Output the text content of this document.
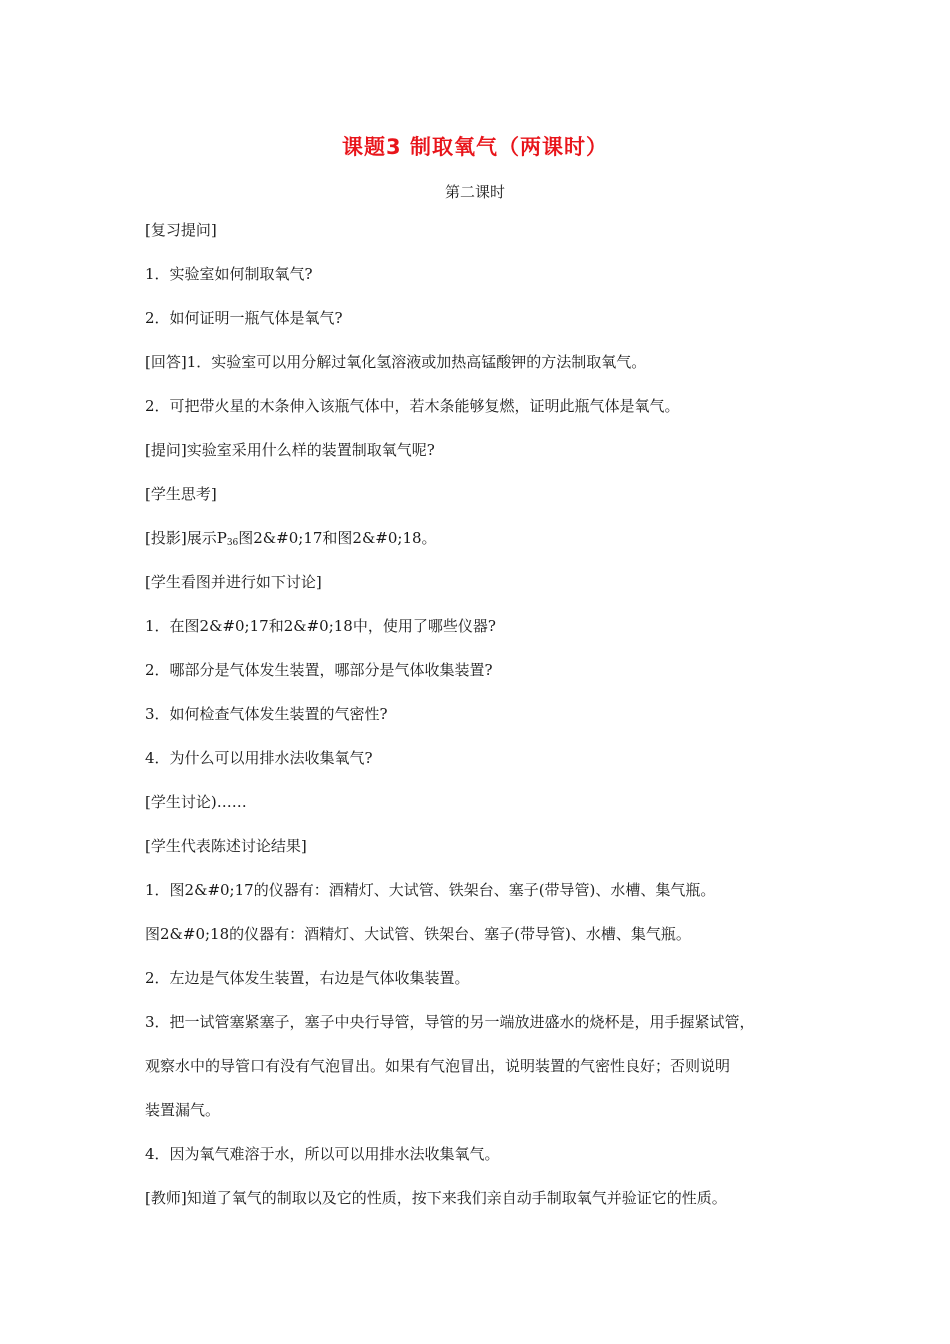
课题3 制取氧气（两课时）
第二课时
[复习提问]
1．实验室如何制取氧气?
2．如何证明一瓶气体是氧气?
[回答]1．实验室可以用分解过氧化氢溶液或加热高锰酸钾的方法制取氧气。
2．可把带火星的木条伸入该瓶气体中，若木条能够复燃，证明此瓶气体是氧气。
[提问]实验室采用什么样的装置制取氧气呢?
[学生思考]
[投影]展示$P_{36}$图2&#0;17和图2&#0;18。
[学生看图并进行如下讨论]
1．在图2&#0;17和2&#0;18中，使用了哪些仪器?
2．哪部分是气体发生装置，哪部分是气体收集装置?
3．如何检查气体发生装置的气密性?
4．为什么可以用排水法收集氧气?
[学生讨论)……
[学生代表陈述讨论结果]
1．图2&#0;17的仪器有：酒精灯、大试管、铁架台、塞子(带导管)、水槽、集气瓶。
图2&#0;18的仪器有：酒精灯、大试管、铁架台、塞子(带导管)、水槽、集气瓶。
2．左边是气体发生装置，右边是气体收集装置。
3．把一试管塞紧塞子，塞子中央行导管，导管的另一端放进盛水的烧杯是，用手握紧试管，
观察水中的导管口有没有气泡冒出。如果有气泡冒出，说明装置的气密性良好；否则说明
装置漏气。
4．因为氧气难溶于水，所以可以用排水法收集氧气。
[教师]知道了氧气的制取以及它的性质，按下来我们亲自动手制取氧气并验证它的性质。
